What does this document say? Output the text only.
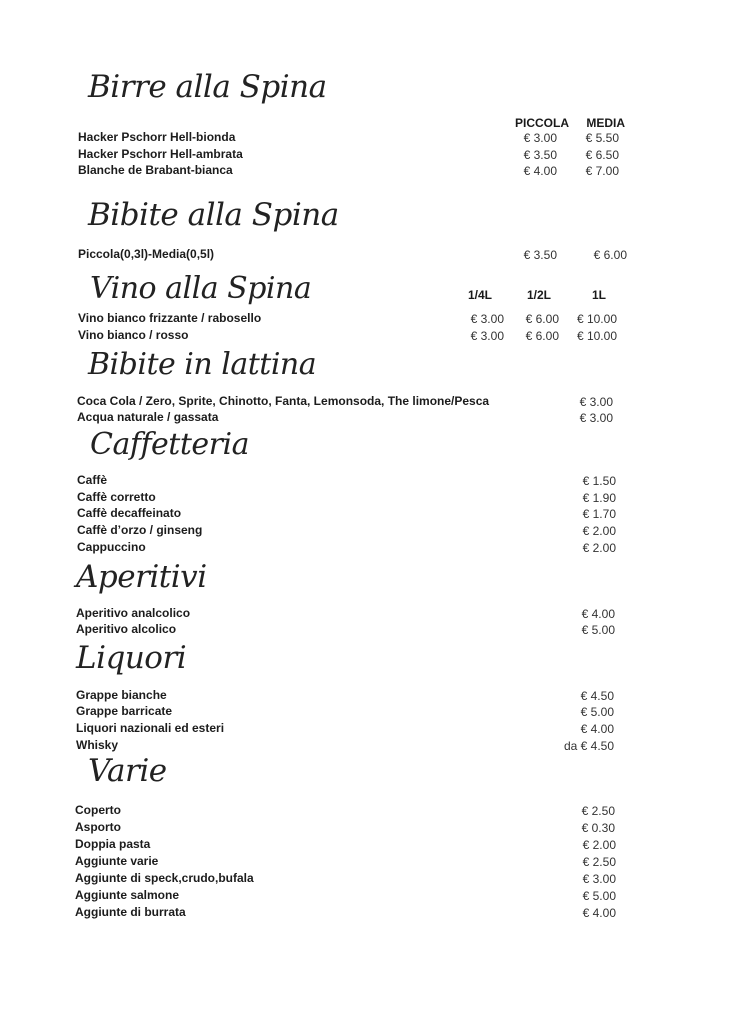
Birre alla Spina
PICCOLA MEDIA
Hacker Pschorr Hell-bionda	€ 3.00 € 5.50
Hacker Pschorr Hell-ambrata	€ 3.50 € 6.50
Blanche de Brabant-bianca	€ 4.00 € 7.00
Bibite alla Spina
Piccola(0,3l)-Media(0,5l)	€ 3.50	€ 6.00
Vino alla Spina	1/4L	1/2L	1L
Vino bianco frizzante / rabosello	€ 3.00 € 6.00 € 10.00
Vino bianco / rosso	€ 3.00 € 6.00 € 10.00
Bibite in lattina
Coca Cola / Zero, Sprite, Chinotto, Fanta, Lemonsoda, The limone/Pesca	€ 3.00
Acqua naturale / gassata	€ 3.00
Caffetteria
Caffè	€ 1.50
Caffè corretto	€ 1.90
Caffè decaffeinato	€ 1.70
Caffè d’orzo / ginseng	€ 2.00
Cappuccino	€ 2.00
Aperitivi
Aperitivo analcolico	€ 4.00
Aperitivo alcolico	€ 5.00
Liquori
Grappe bianche	€ 4.50
Grappe barricate	€ 5.00
Liquori nazionali ed esteri	€ 4.00
Whisky	da € 4.50
Varie
Coperto	€ 2.50
Asporto	€ 0.30
Doppia pasta	€ 2.00
Aggiunte varie	€ 2.50
Aggiunte di speck,crudo,bufala	€ 3.00
Aggiunte salmone	€ 5.00
Aggiunte di burrata	€ 4.00
